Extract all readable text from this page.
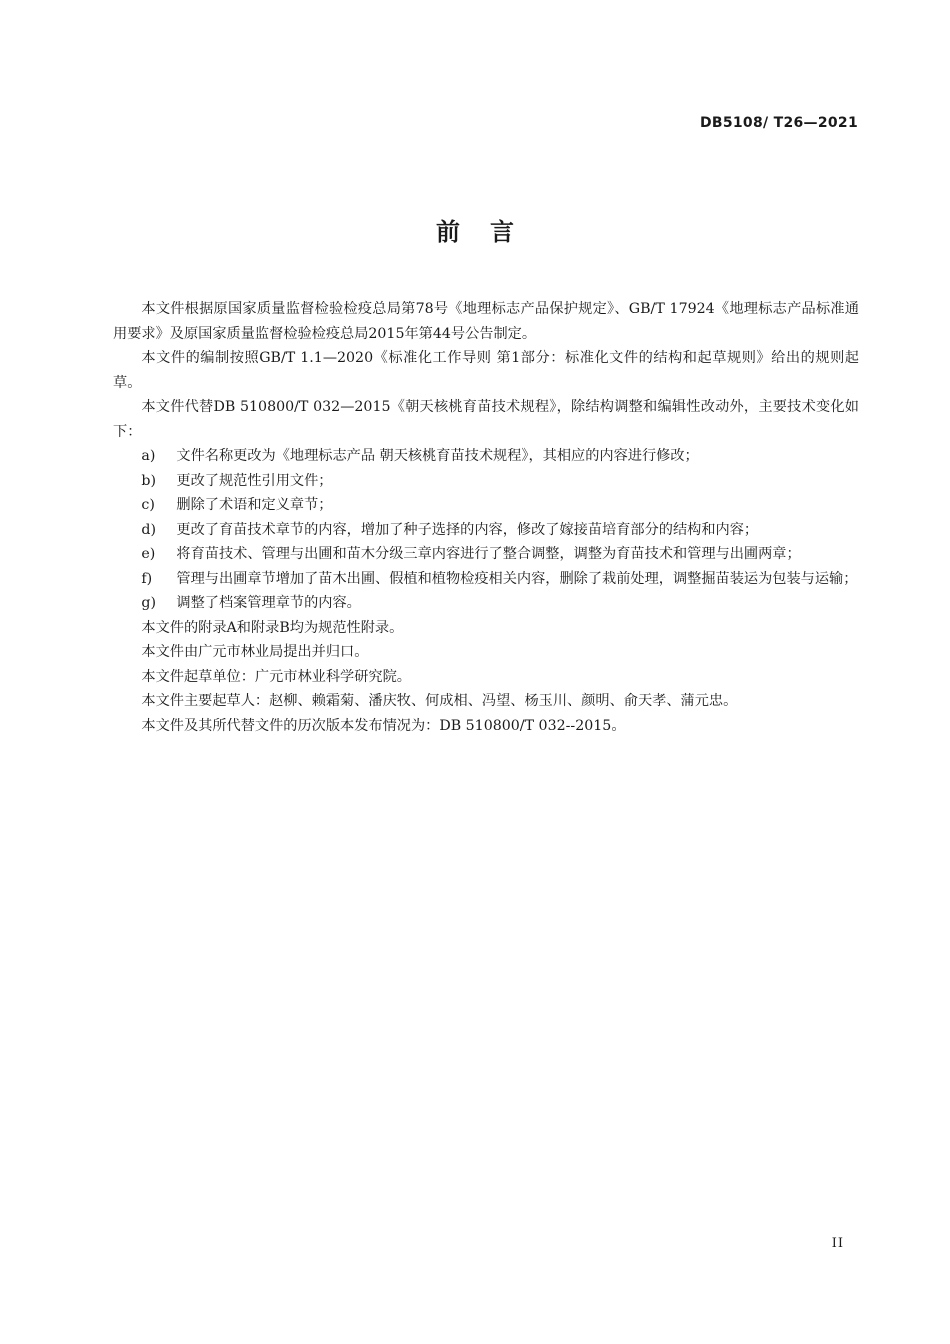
DB5108/ T26—2021
前言

本文件根据原国家质量监督检验检疫总局第78号《地理标志产品保护规定》、GB/T 17924《地理标志产品标准通用要求》及原国家质量监督检验检疫总局2015年第44号公告制定。

本文件的编制按照GB/T 1.1—2020《标准化工作导则 第1部分：标准化文件的结构和起草规则》给出的规则起草。

本文件代替DB 510800/T 032—2015《朝天核桃育苗技术规程》，除结构调整和编辑性改动外，主要技术变化如下：

a) 文件名称更改为《地理标志产品 朝天核桃育苗技术规程》，其相应的内容进行修改；
b) 更改了规范性引用文件；
c) 删除了术语和定义章节；
d) 更改了育苗技术章节的内容，增加了种子选择的内容，修改了嫁接苗培育部分的结构和内容；
e) 将育苗技术、管理与出圃和苗木分级三章内容进行了整合调整，调整为育苗技术和管理与出圃两章；
f) 管理与出圃章节增加了苗木出圃、假植和植物检疫相关内容，删除了栽前处理，调整掘苗装运为包装与运输；
g) 调整了档案管理章节的内容。

本文件的附录A和附录B均为规范性附录。

本文件由广元市林业局提出并归口。

本文件起草单位：广元市林业科学研究院。

本文件主要起草人：赵柳、赖霜菊、潘庆牧、何成相、冯望、杨玉川、颜明、俞天孝、蒲元忠。

本文件及其所代替文件的历次版本发布情况为：DB 510800/T 032--2015。

II
